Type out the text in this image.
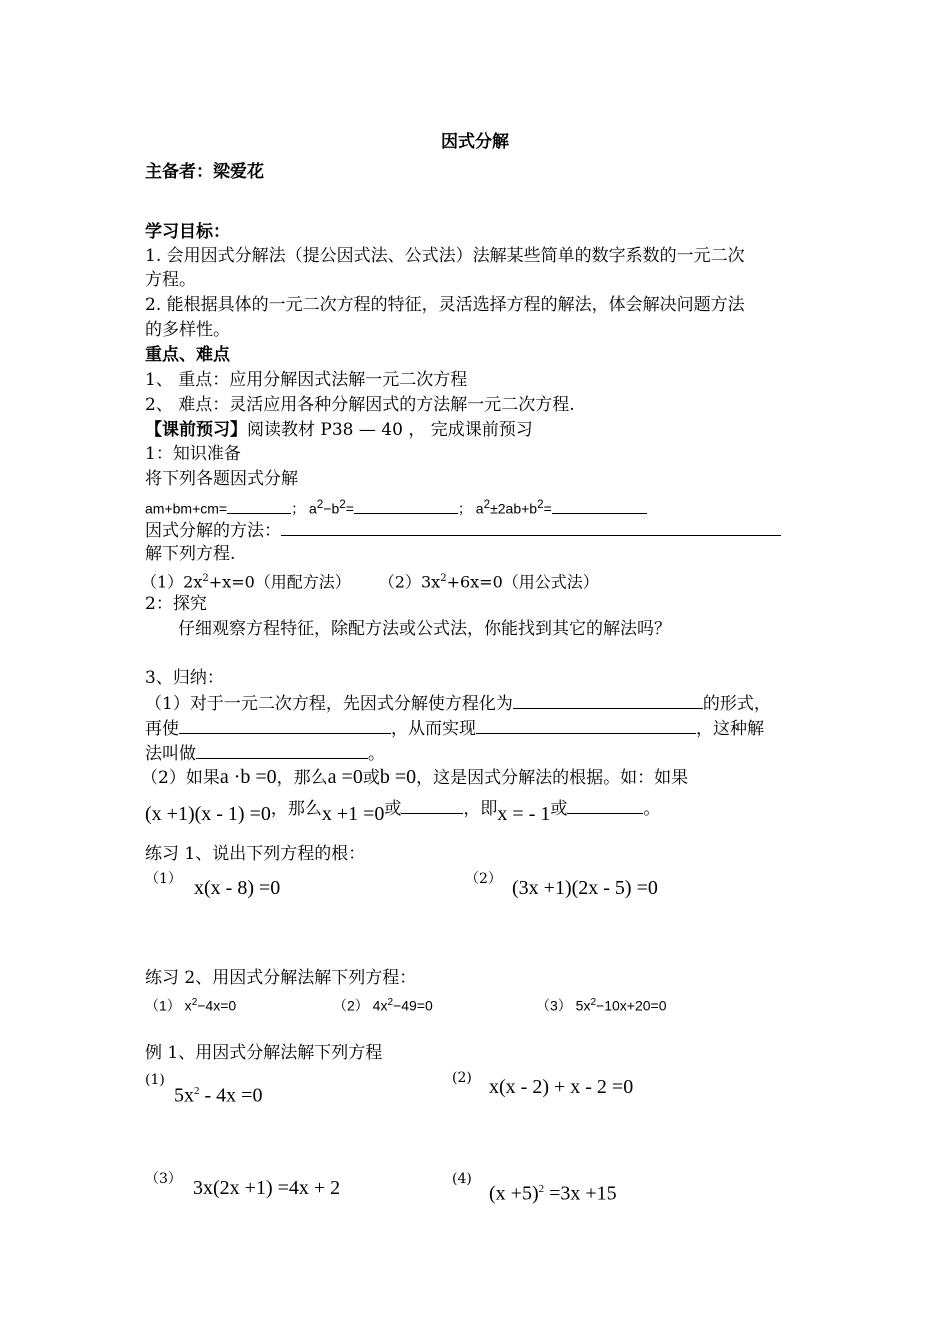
因式分解
主备者：梁爱花
学习目标：
1. 会用因式分解法（提公因式法、公式法）法解某些简单的数字系数的一元二次
方程。
2. 能根据具体的一元二次方程的特征，灵活选择方程的解法，体会解决问题方法
的多样性。
重点、难点
1、 重点：应用分解因式法解一元二次方程
2、 难点：灵活应用各种分解因式的方法解一元二次方程.
【课前预习】阅读教材 P38 — 40 ， 完成课前预习
1：知识准备
将下列各题因式分解
am+bm+cm=	； $a^2-b^2=$	； $a^2\pm 2ab+b^2=$
因式分解的方法：
解下列方程.
$(1)2x^2+x=0$（用配方法） $(2)3x^2+6x=0$（用公式法）
2：探究
仔细观察方程特征，除配方法或公式法，你能找到其它的解法吗？
3、归纳：
（1）对于一元二次方程，先因式分解使方程化为	的形式，
再使	，从而实现	，这种解
法叫做	。
（2）如果a ·b =0，那么a =0或b =0，这是因式分解法的根据。如：如果
(x +1)(x - 1) =0，那么x +1 =0或	，即x = - 1或	。
练习 1、说出下列方程的根：
（1） x(x - 8) =0	（2） (3x +1)(2x - 5) =0
练习 2、用因式分解法解下列方程：
（1） $x^2-4x=0$	（2） $4x^2-49=0$	（3） $5x^2-10x+20=0$
例 1、用因式分解法解下列方程
(1)
$5x^2 - 4x =0$
(2) x(x - 2) + x - 2 =0
（3） 3x(2x +1) =4x + 2	(4)
$(x +5)^2 =3x +15$
